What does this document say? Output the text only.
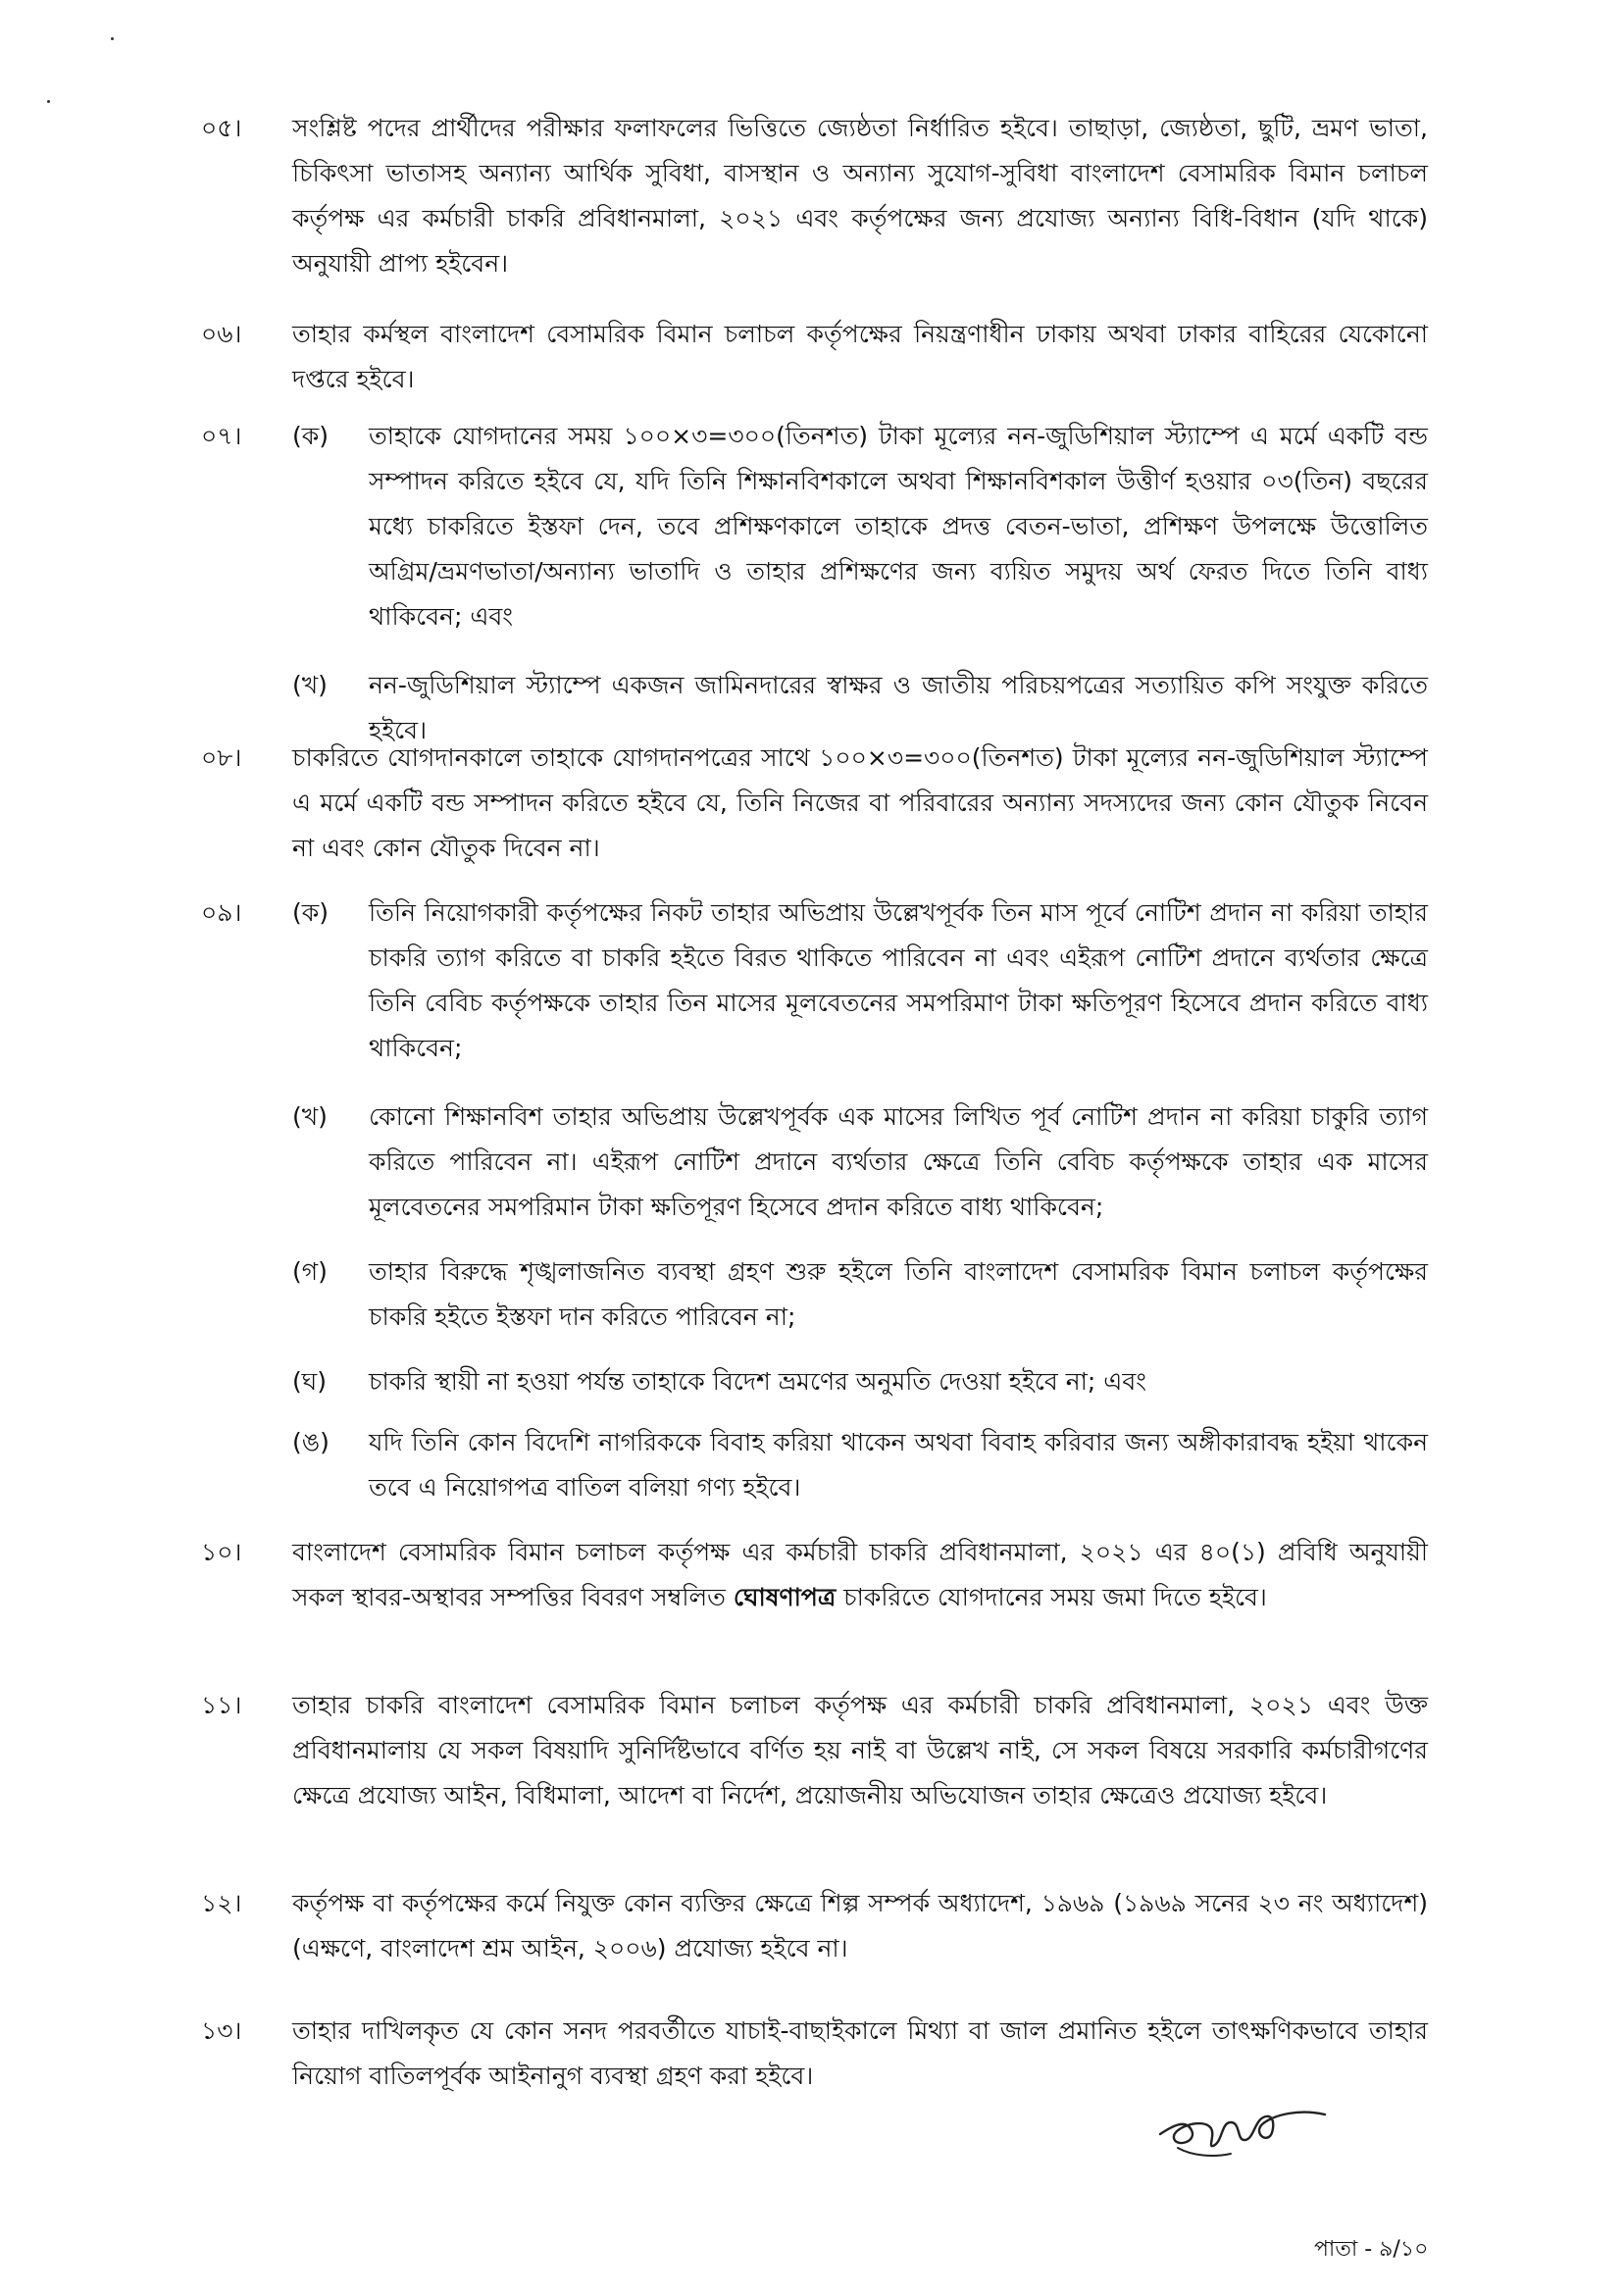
০৫। সংশ্লিষ্ট পদের প্রার্থীদের পরীক্ষার ফলাফলের ভিত্তিতে জ্যেষ্ঠতা নির্ধারিত হইবে। তাছাড়া, জ্যেষ্ঠতা, ছুটি, ভ্রমণ ভাতা, চিকিৎসা ভাতাসহ অন্যান্য আর্থিক সুবিধা, বাসস্থান ও অন্যান্য সুযোগ-সুবিধা বাংলাদেশ বেসামরিক বিমান চলাচল কর্তৃপক্ষ এর কর্মচারী চাকরি প্রবিধানমালা, ২০২১ এবং কর্তৃপক্ষের জন্য প্রযোজ্য অন্যান্য বিধি-বিধান (যদি থাকে) অনুযায়ী প্রাপ্য হইবেন।
০৬। তাহার কর্মস্থল বাংলাদেশ বেসামরিক বিমান চলাচল কর্তৃপক্ষের নিয়ন্ত্রণাধীন ঢাকায় অথবা ঢাকার বাহিরের যেকোনো দপ্তরে হইবে।
০৭। (ক) তাহাকে যোগদানের সময় ১০০×৩=৩০০(তিনশত) টাকা মূল্যের নন-জুডিশিয়াল স্ট্যাম্পে এ মর্মে একটি বন্ড সম্পাদন করিতে হইবে যে, যদি তিনি শিক্ষানবিশকালে অথবা শিক্ষানবিশকাল উত্তীর্ণ হওয়ার ০৩(তিন) বছরের মধ্যে চাকরিতে ইস্তফা দেন, তবে প্রশিক্ষণকালে তাহাকে প্রদত্ত বেতন-ভাতা, প্রশিক্ষণ উপলক্ষে উত্তোলিত অগ্রিম/ভ্রমণভাতা/অন্যান্য ভাতাদি ও তাহার প্রশিক্ষণের জন্য ব্যয়িত সমুদয় অর্থ ফেরত দিতে তিনি বাধ্য থাকিবেন; এবং
(খ) নন-জুডিশিয়াল স্ট্যাম্পে একজন জামিনদারের স্বাক্ষর ও জাতীয় পরিচয়পত্রের সত্যায়িত কপি সংযুক্ত করিতে হইবে।
০৮। চাকরিতে যোগদানকালে তাহাকে যোগদানপত্রের সাথে ১০০×৩=৩০০(তিনশত) টাকা মূল্যের নন-জুডিশিয়াল স্ট্যাম্পে এ মর্মে একটি বন্ড সম্পাদন করিতে হইবে যে, তিনি নিজের বা পরিবারের অন্যান্য সদস্যদের জন্য কোন যৌতুক নিবেন না এবং কোন যৌতুক দিবেন না।
০৯। (ক) তিনি নিয়োগকারী কর্তৃপক্ষের নিকট তাহার অভিপ্রায় উল্লেখপূর্বক তিন মাস পূর্বে নোটিশ প্রদান না করিয়া তাহার চাকরি ত্যাগ করিতে বা চাকরি হইতে বিরত থাকিতে পারিবেন না এবং এইরূপ নোটিশ প্রদানে ব্যর্থতার ক্ষেত্রে তিনি বেবিচ কর্তৃপক্ষকে তাহার তিন মাসের মূলবেতনের সমপরিমাণ টাকা ক্ষতিপূরণ হিসেবে প্রদান করিতে বাধ্য থাকিবেন;
(খ) কোনো শিক্ষানবিশ তাহার অভিপ্রায় উল্লেখপূর্বক এক মাসের লিখিত পূর্ব নোটিশ প্রদান না করিয়া চাকুরি ত্যাগ করিতে পারিবেন না। এইরূপ নোটিশ প্রদানে ব্যর্থতার ক্ষেত্রে তিনি বেবিচ কর্তৃপক্ষকে তাহার এক মাসের মূলবেতনের সমপরিমান টাকা ক্ষতিপূরণ হিসেবে প্রদান করিতে বাধ্য থাকিবেন;
(গ) তাহার বিরুদ্ধে শৃঙ্খলাজনিত ব্যবস্থা গ্রহণ শুরু হইলে তিনি বাংলাদেশ বেসামরিক বিমান চলাচল কর্তৃপক্ষের চাকরি হইতে ইস্তফা দান করিতে পারিবেন না;
(ঘ) চাকরি স্থায়ী না হওয়া পর্যন্ত তাহাকে বিদেশ ভ্রমণের অনুমতি দেওয়া হইবে না; এবং
(ঙ) যদি তিনি কোন বিদেশি নাগরিককে বিবাহ করিয়া থাকেন অথবা বিবাহ করিবার জন্য অঙ্গীকারাবদ্ধ হইয়া থাকেন তবে এ নিয়োগপত্র বাতিল বলিয়া গণ্য হইবে।
১০। বাংলাদেশ বেসামরিক বিমান চলাচল কর্তৃপক্ষ এর কর্মচারী চাকরি প্রবিধানমালা, ২০২১ এর ৪০(১) প্রবিধি অনুযায়ী সকল স্থাবর-অস্থাবর সম্পত্তির বিবরণ সম্বলিত ঘোষণাপত্র চাকরিতে যোগদানের সময় জমা দিতে হইবে।
১১। তাহার চাকরি বাংলাদেশ বেসামরিক বিমান চলাচল কর্তৃপক্ষ এর কর্মচারী চাকরি প্রবিধানমালা, ২০২১ এবং উক্ত প্রবিধানমালায় যে সকল বিষয়াদি সুনির্দিষ্টভাবে বর্ণিত হয় নাই বা উল্লেখ নাই, সে সকল বিষয়ে সরকারি কর্মচারীগণের ক্ষেত্রে প্রযোজ্য আইন, বিধিমালা, আদেশ বা নির্দেশ, প্রয়োজনীয় অভিযোজন তাহার ক্ষেত্রেও প্রযোজ্য হইবে।
১২। কর্তৃপক্ষ বা কর্তৃপক্ষের কর্মে নিযুক্ত কোন ব্যক্তির ক্ষেত্রে শিল্প সম্পর্ক অধ্যাদেশ, ১৯৬৯ (১৯৬৯ সনের ২৩ নং অধ্যাদেশ) (এক্ষণে, বাংলাদেশ শ্রম আইন, ২০০৬) প্রযোজ্য হইবে না।
১৩। তাহার দাখিলকৃত যে কোন সনদ পরবর্তীতে যাচাই-বাছাইকালে মিথ্যা বা জাল প্রমানিত হইলে তাৎক্ষণিকভাবে তাহার নিয়োগ বাতিলপূর্বক আইনানুগ ব্যবস্থা গ্রহণ করা হইবে।
পাতা - ৯/১০
